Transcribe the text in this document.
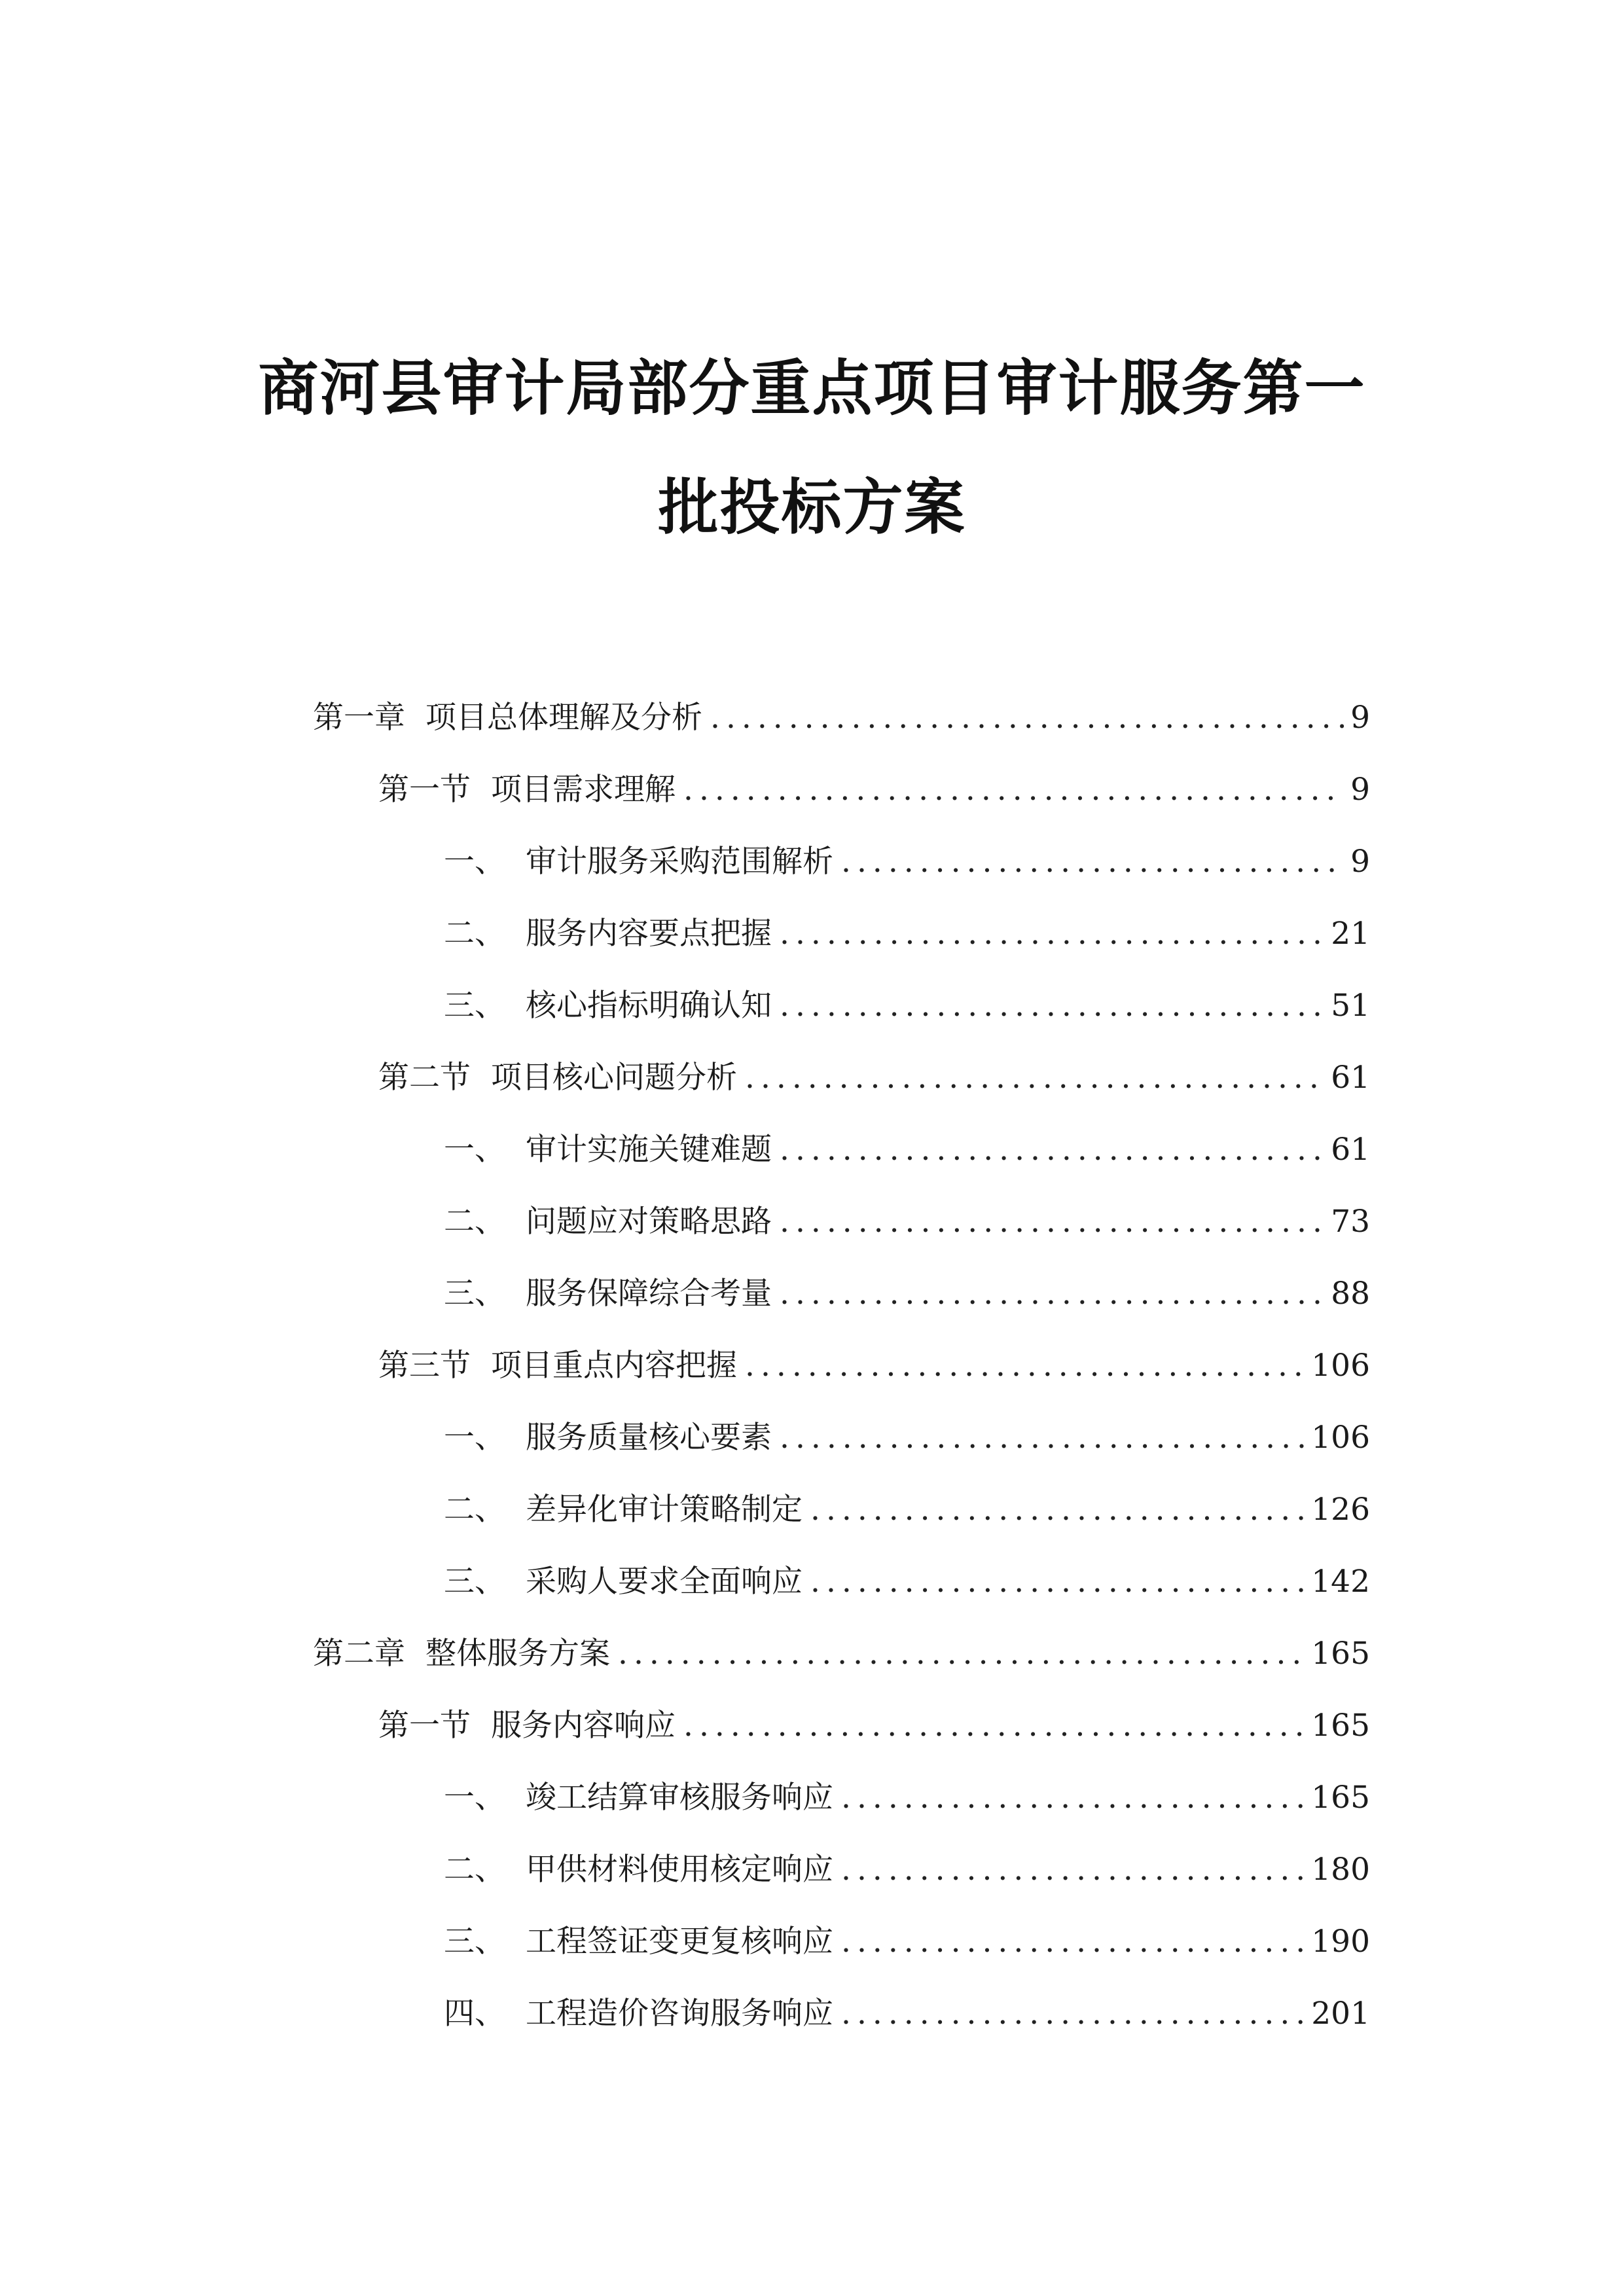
商河县审计局部分重点项目审计服务第一
批投标方案
第一章 项目总体理解及分析 .....	9
第一节 项目需求理解 .....	9
一、 审计服务采购范围解析 .....	9
二、 服务内容要点把握 .....	21
三、 核心指标明确认知 .....	51
第二节 项目核心问题分析 .....	61
一、 审计实施关键难题 .....	61
二、 问题应对策略思路 .....	73
三、 服务保障综合考量 .....	88
第三节 项目重点内容把握 .....	106
一、 服务质量核心要素 .....	106
二、 差异化审计策略制定 .....	126
三、 采购人要求全面响应 .....	142
第二章 整体服务方案 .....	165
第一节 服务内容响应 .....	165
一、 竣工结算审核服务响应 .....	165
二、 甲供材料使用核定响应 .....	180
三、 工程签证变更复核响应 .....	190
四、 工程造价咨询服务响应 .....	201
